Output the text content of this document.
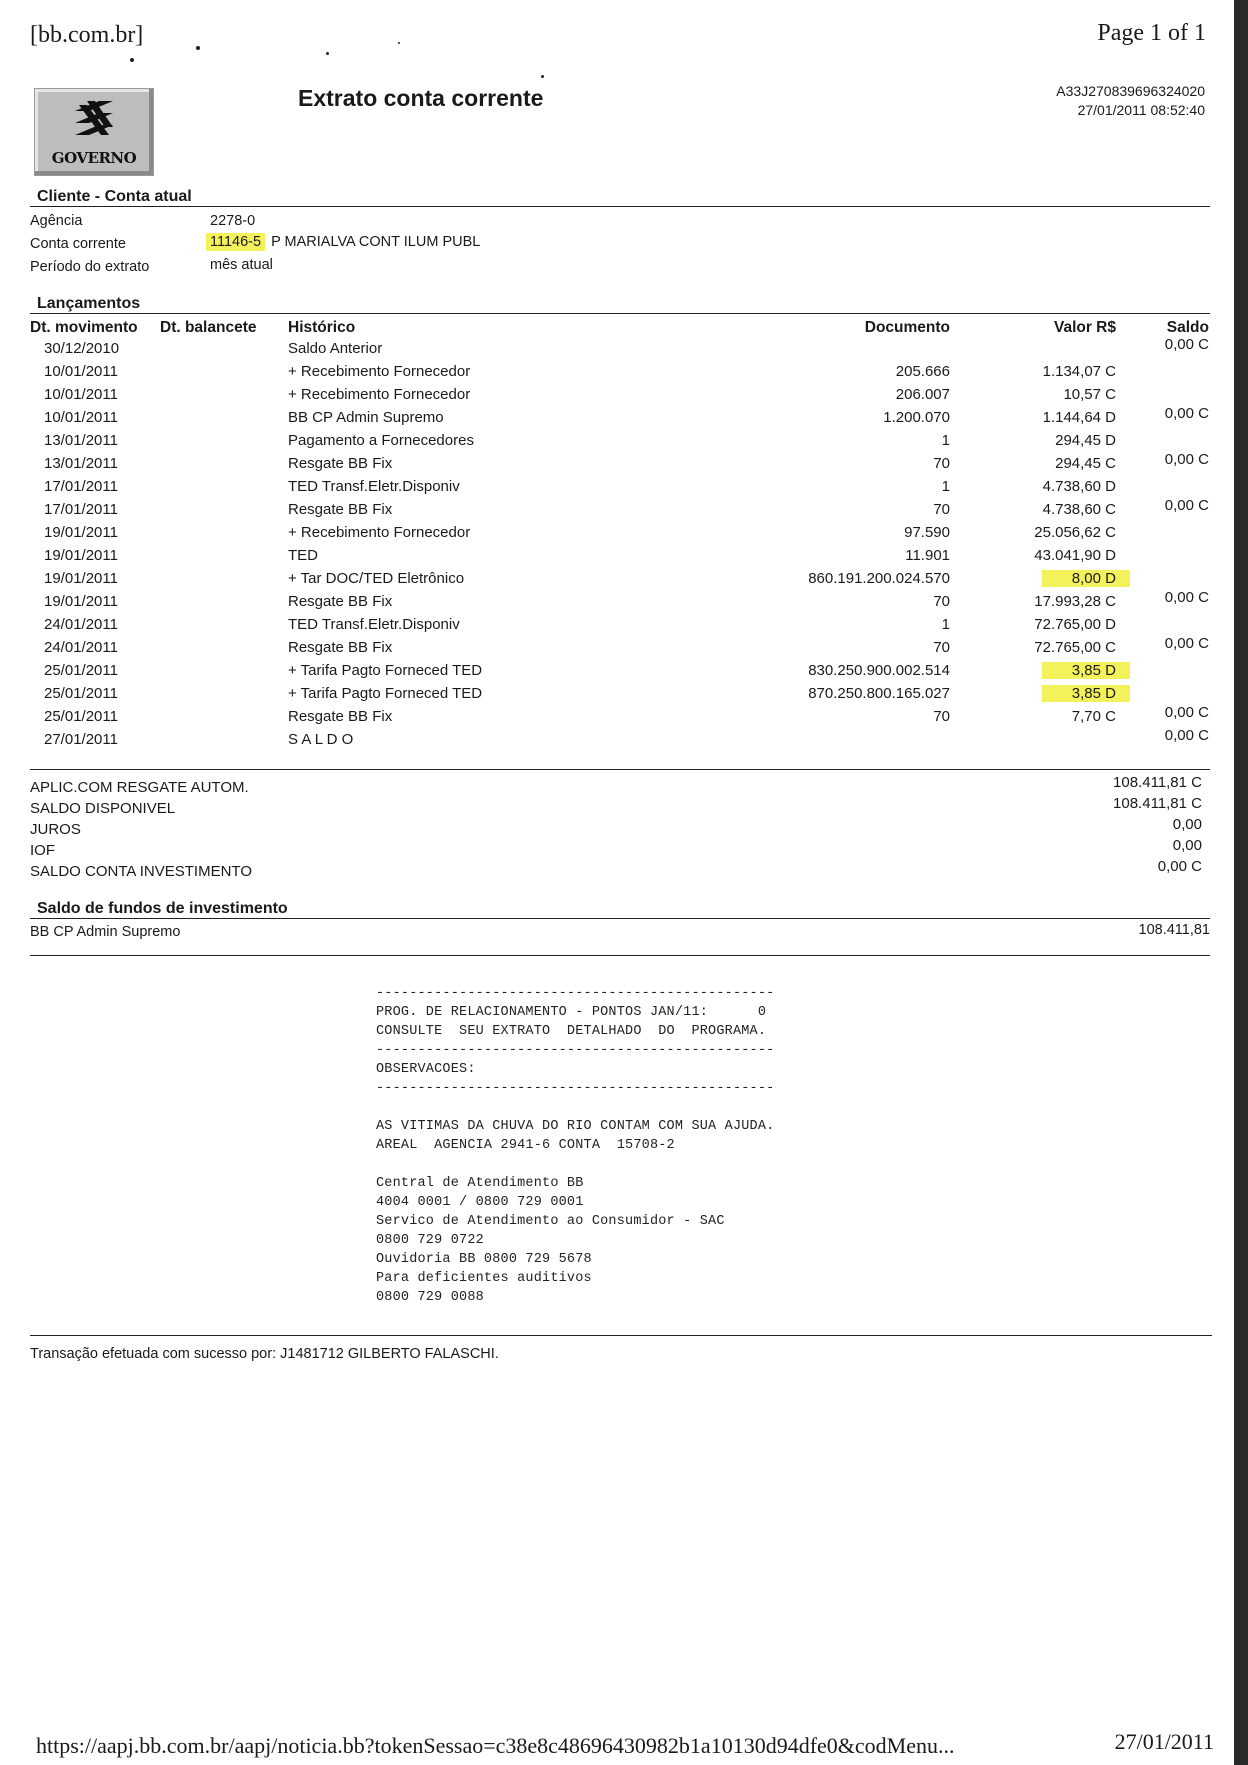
[bb.com.br]	Page 1 of 1
GOVERNO
Extrato conta corrente	A33J270839696324020
27/01/2011 08:52:40
Cliente - Conta atual
Agência	2278-0
Conta corrente	11146-5 P MARIALVA CONT ILUM PUBL
Período do extrato	mês atual
Lançamentos
Dt. movimento Dt. balancete Histórico	Documento	Valor R$	Saldo
30/12/2010	Saldo Anterior	0,00 C
10/01/2011	+ Recebimento Fornecedor	205.666	1.134,07 C
10/01/2011	+ Recebimento Fornecedor	206.007	10,57 C
10/01/2011	BB CP Admin Supremo	1.200.070	1.144,64 D	0,00 C
13/01/2011	Pagamento a Fornecedores	1	294,45 D
13/01/2011	Resgate BB Fix	70	294,45 C	0,00 C
17/01/2011	TED Transf.Eletr.Disponiv	1	4.738,60 D
17/01/2011	Resgate BB Fix	70	4.738,60 C	0,00 C
19/01/2011	+ Recebimento Fornecedor	97.590	25.056,62 C
19/01/2011	TED	11.901	43.041,90 D
19/01/2011	+ Tar DOC/TED Eletrônico	860.191.200.024.570	8,00 D
19/01/2011	Resgate BB Fix	70	17.993,28 C	0,00 C
24/01/2011	TED Transf.Eletr.Disponiv	1	72.765,00 D
24/01/2011	Resgate BB Fix	70	72.765,00 C	0,00 C
25/01/2011	+ Tarifa Pagto Forneced TED	830.250.900.002.514	3,85 D
25/01/2011	+ Tarifa Pagto Forneced TED	870.250.800.165.027	3,85 D
25/01/2011	Resgate BB Fix	70	7,70 C	0,00 C
27/01/2011	S A L D O	0,00 C
APLIC.COM RESGATE AUTOM.	108.411,81 C
SALDO DISPONIVEL	108.411,81 C
JUROS	0,00
IOF	0,00
SALDO CONTA INVESTIMENTO	0,00 C
Saldo de fundos de investimento
BB CP Admin Supremo	108.411,81
------------------------------------------------
PROG. DE RELACIONAMENTO - PONTOS JAN/11:      0
CONSULTE  SEU EXTRATO  DETALHADO  DO  PROGRAMA.
------------------------------------------------
OBSERVACOES:
------------------------------------------------

AS VITIMAS DA CHUVA DO RIO CONTAM COM SUA AJUDA.
AREAL  AGENCIA 2941-6 CONTA  15708-2

Central de Atendimento BB
4004 0001 / 0800 729 0001
Servico de Atendimento ao Consumidor - SAC
0800 729 0722
Ouvidoria BB 0800 729 5678
Para deficientes auditivos
0800 729 0088
Transação efetuada com sucesso por: J1481712 GILBERTO FALASCHI.
https://aapj.bb.com.br/aapj/noticia.bb?tokenSessao=c38e8c48696430982b1a10130d94dfe0&codMenu...	27/01/2011
